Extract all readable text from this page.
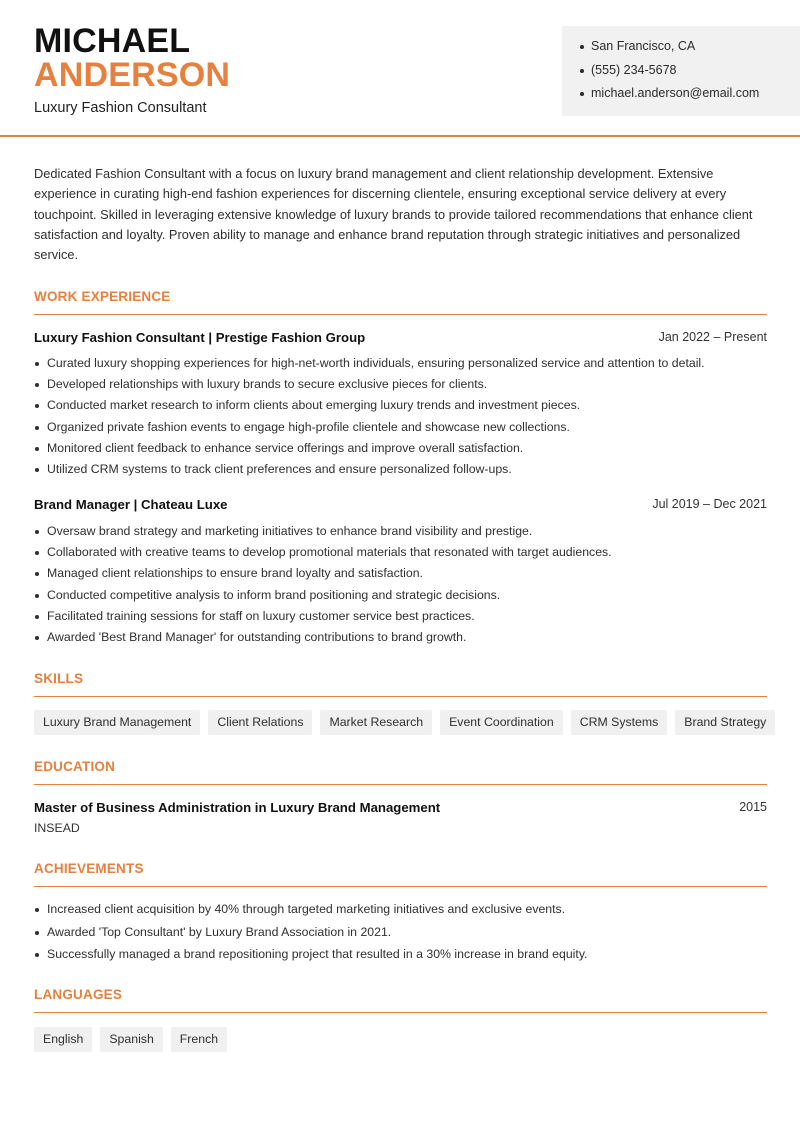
MICHAEL
ANDERSON
Luxury Fashion Consultant
San Francisco, CA
(555) 234-5678
michael.anderson@email.com

Dedicated Fashion Consultant with a focus on luxury brand management and client relationship development. Extensive experience in curating high-end fashion experiences for discerning clientele, ensuring exceptional service delivery at every touchpoint. Skilled in leveraging extensive knowledge of luxury brands to provide tailored recommendations that enhance client satisfaction and loyalty. Proven ability to manage and enhance brand reputation through strategic initiatives and personalized service.

WORK EXPERIENCE
Luxury Fashion Consultant | Prestige Fashion Group	Jan 2022 – Present
Curated luxury shopping experiences for high-net-worth individuals, ensuring personalized service and attention to detail.
Developed relationships with luxury brands to secure exclusive pieces for clients.
Conducted market research to inform clients about emerging luxury trends and investment pieces.
Organized private fashion events to engage high-profile clientele and showcase new collections.
Monitored client feedback to enhance service offerings and improve overall satisfaction.
Utilized CRM systems to track client preferences and ensure personalized follow-ups.
Brand Manager | Chateau Luxe	Jul 2019 – Dec 2021
Oversaw brand strategy and marketing initiatives to enhance brand visibility and prestige.
Collaborated with creative teams to develop promotional materials that resonated with target audiences.
Managed client relationships to ensure brand loyalty and satisfaction.
Conducted competitive analysis to inform brand positioning and strategic decisions.
Facilitated training sessions for staff on luxury customer service best practices.
Awarded 'Best Brand Manager' for outstanding contributions to brand growth.
SKILLS
Luxury Brand Management	Client Relations	Market Research	Event Coordination	CRM Systems	Brand Strategy
EDUCATION
Master of Business Administration in Luxury Brand Management	2015
INSEAD
ACHIEVEMENTS
Increased client acquisition by 40% through targeted marketing initiatives and exclusive events.
Awarded 'Top Consultant' by Luxury Brand Association in 2021.
Successfully managed a brand repositioning project that resulted in a 30% increase in brand equity.
LANGUAGES
English	Spanish	French
